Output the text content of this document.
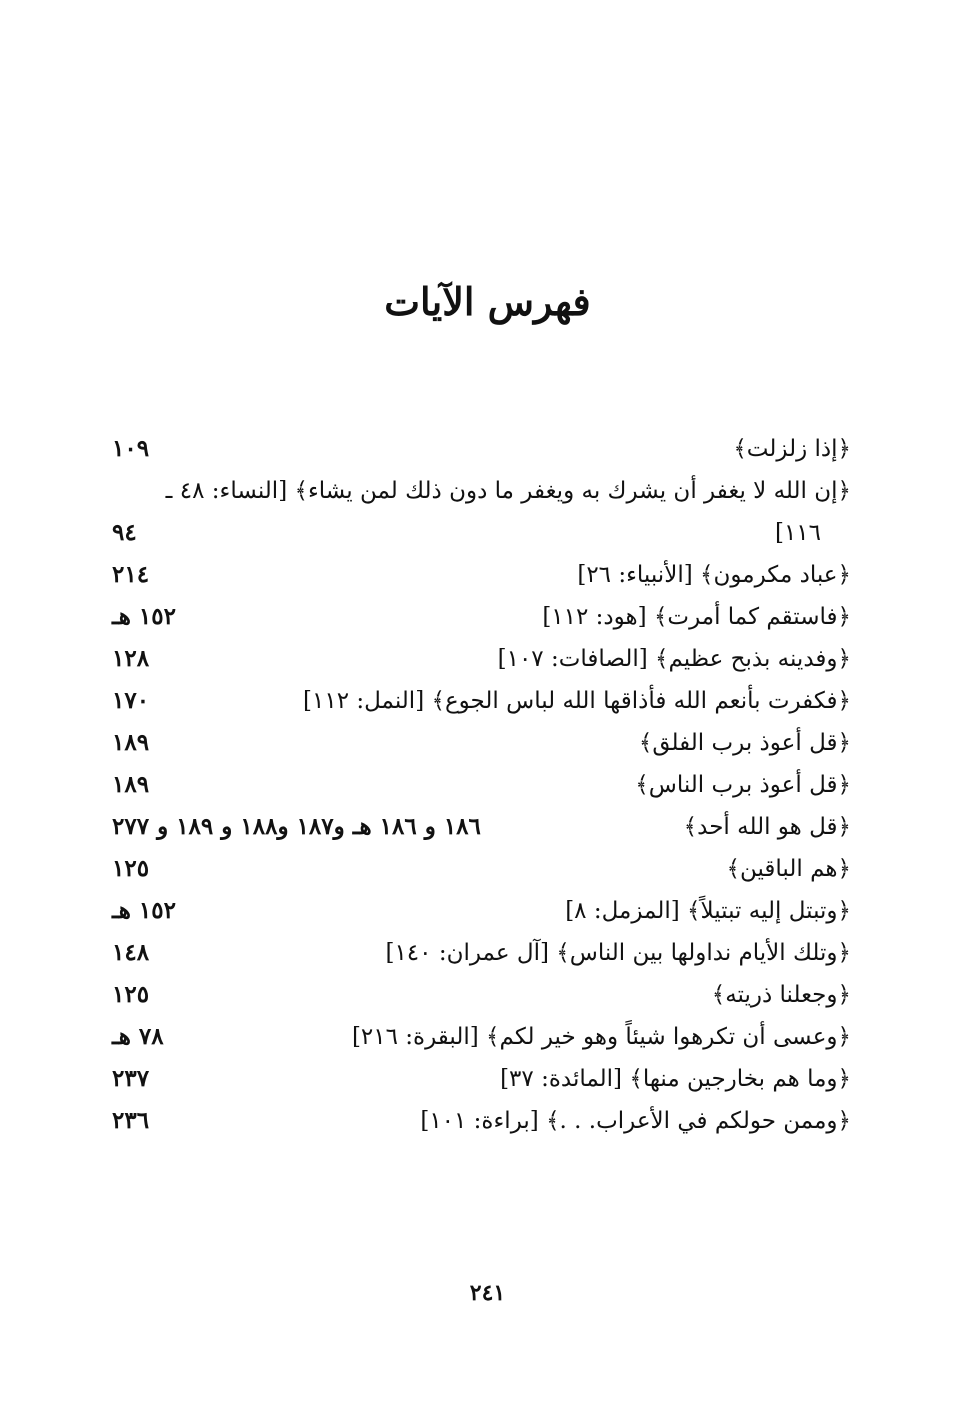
فهرس الآيات
﴿إذا زلزلت﴾
١٠٩
﴿إن الله لا يغفر أن يشرك به ويغفر ما دون ذلك لمن يشاء﴾ [النساء: ٤٨ ـ
١١٦]
٩٤
﴿عباد مكرمون﴾ [الأنبياء: ٢٦]
٢١٤
﴿فاستقم كما أمرت﴾ [هود: ١١٢]
١٥٢ هـ
﴿وفدينه بذبح عظيم﴾ [الصافات: ١٠٧]
١٢٨
﴿فكفرت بأنعم الله فأذاقها الله لباس الجوع﴾ [النمل: ١١٢]
١٧٠
﴿قل أعوذ برب الفلق﴾
١٨٩
﴿قل أعوذ برب الناس﴾
١٨٩
﴿قل هو الله أحد﴾
١٨٦ و ١٨٦ هـ و١٨٧ و١٨٨ و ١٨٩ و ٢٧٧
﴿هم الباقين﴾
١٢٥
﴿وتبتل إليه تبتيلاً﴾ [المزمل: ٨]
١٥٢ هـ
﴿وتلك الأيام نداولها بين الناس﴾ [آل عمران: ١٤٠]
١٤٨
﴿وجعلنا ذريته﴾
١٢٥
﴿وعسى أن تكرهوا شيئاً وهو خير لكم﴾ [البقرة: ٢١٦]
٧٨ هـ
﴿وما هم بخارجين منها﴾ [المائدة: ٣٧]
٢٣٧
﴿وممن حولكم في الأعراب. . .﴾ [براءة: ١٠١]
٢٣٦
٢٤١
